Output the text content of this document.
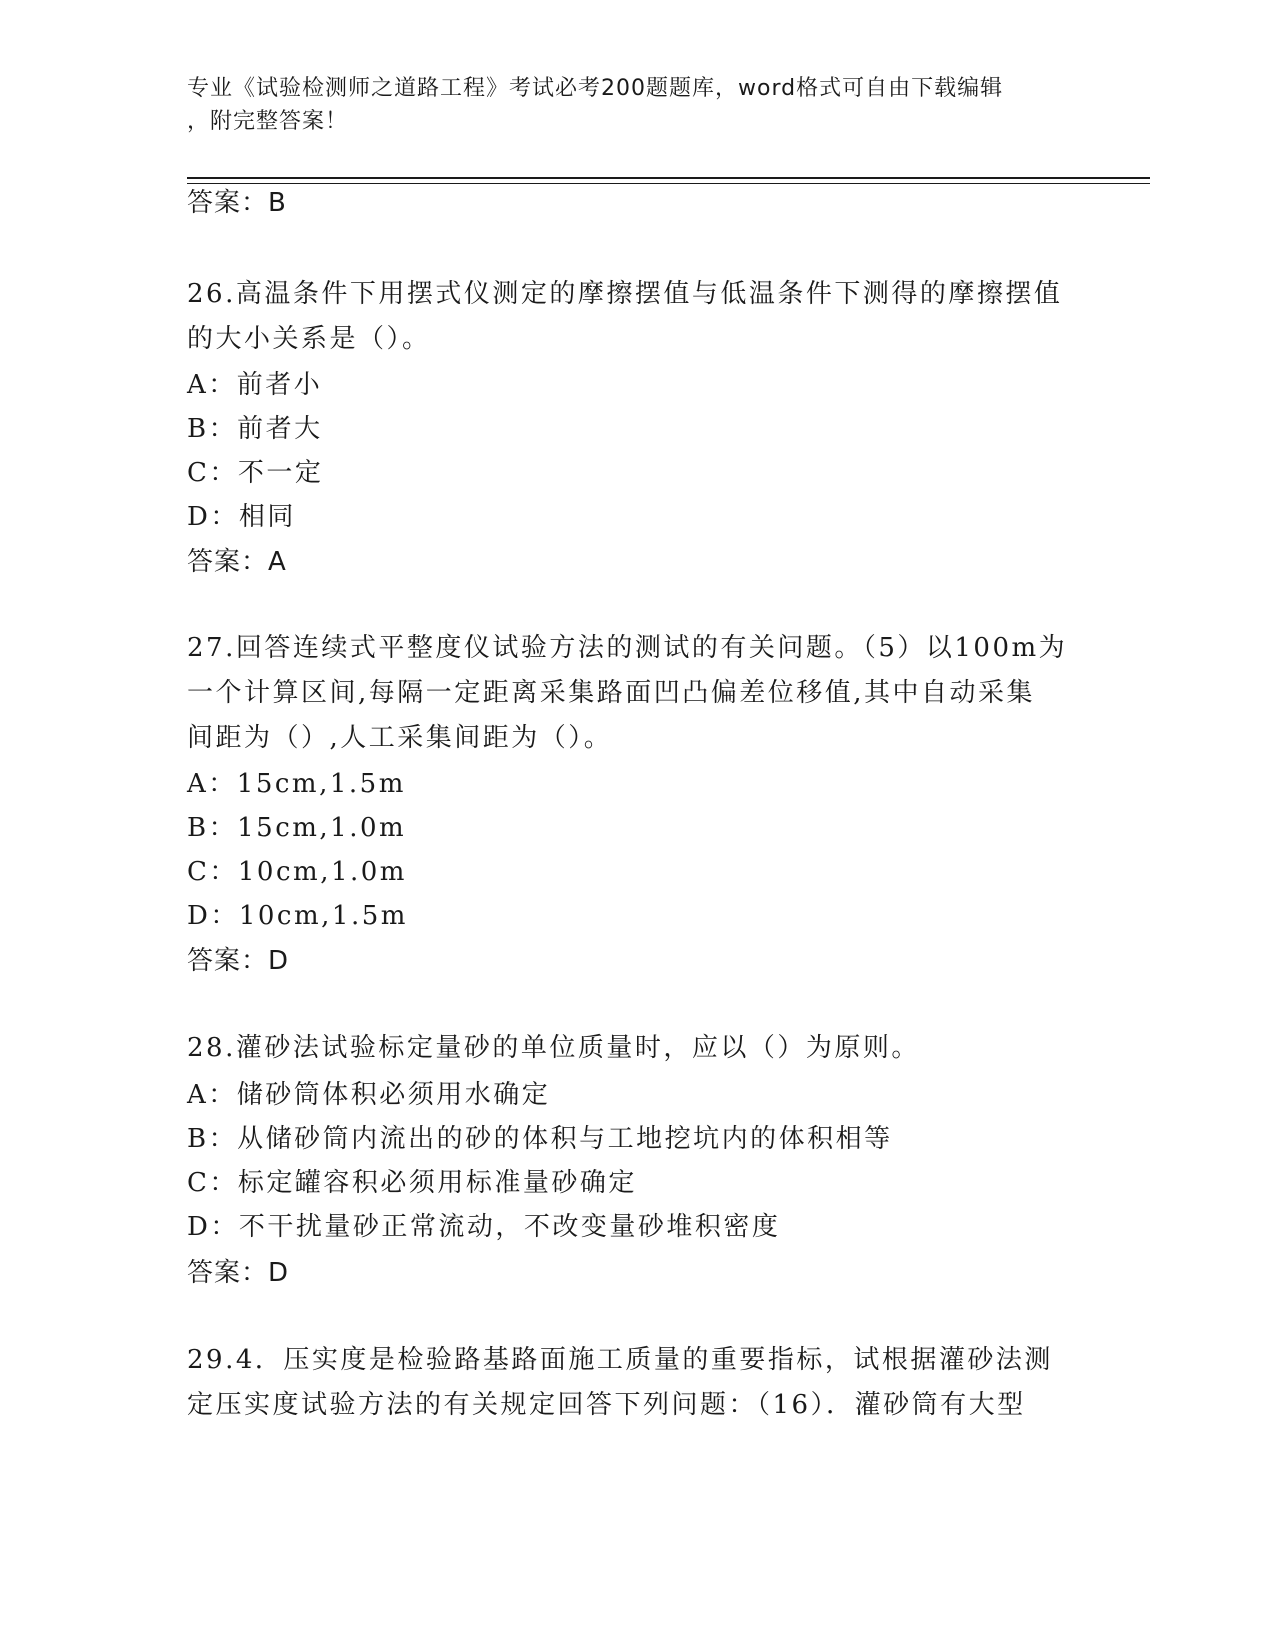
专业《试验检测师之道路工程》考试必考200题题库，word格式可自由下载编辑
，附完整答案！
答案：B
26.高温条件下用摆式仪测定的摩擦摆值与低温条件下测得的摩擦摆值
的大小关系是（）。
A：前者小
B：前者大
C：不一定
D：相同
答案：A
27.回答连续式平整度仪试验方法的测试的有关问题。（5）以100m为
一个计算区间,每隔一定距离采集路面凹凸偏差位移值,其中自动采集
间距为（）,人工采集间距为（）。
A：15cm,1.5m
B：15cm,1.0m
C：10cm,1.0m
D：10cm,1.5m
答案：D
28.灌砂法试验标定量砂的单位质量时，应以（）为原则。
A：储砂筒体积必须用水确定
B：从储砂筒内流出的砂的体积与工地挖坑内的体积相等
C：标定罐容积必须用标准量砂确定
D：不干扰量砂正常流动，不改变量砂堆积密度
答案：D
29.4．压实度是检验路基路面施工质量的重要指标，试根据灌砂法测
定压实度试验方法的有关规定回答下列问题：（16）．灌砂筒有大型
